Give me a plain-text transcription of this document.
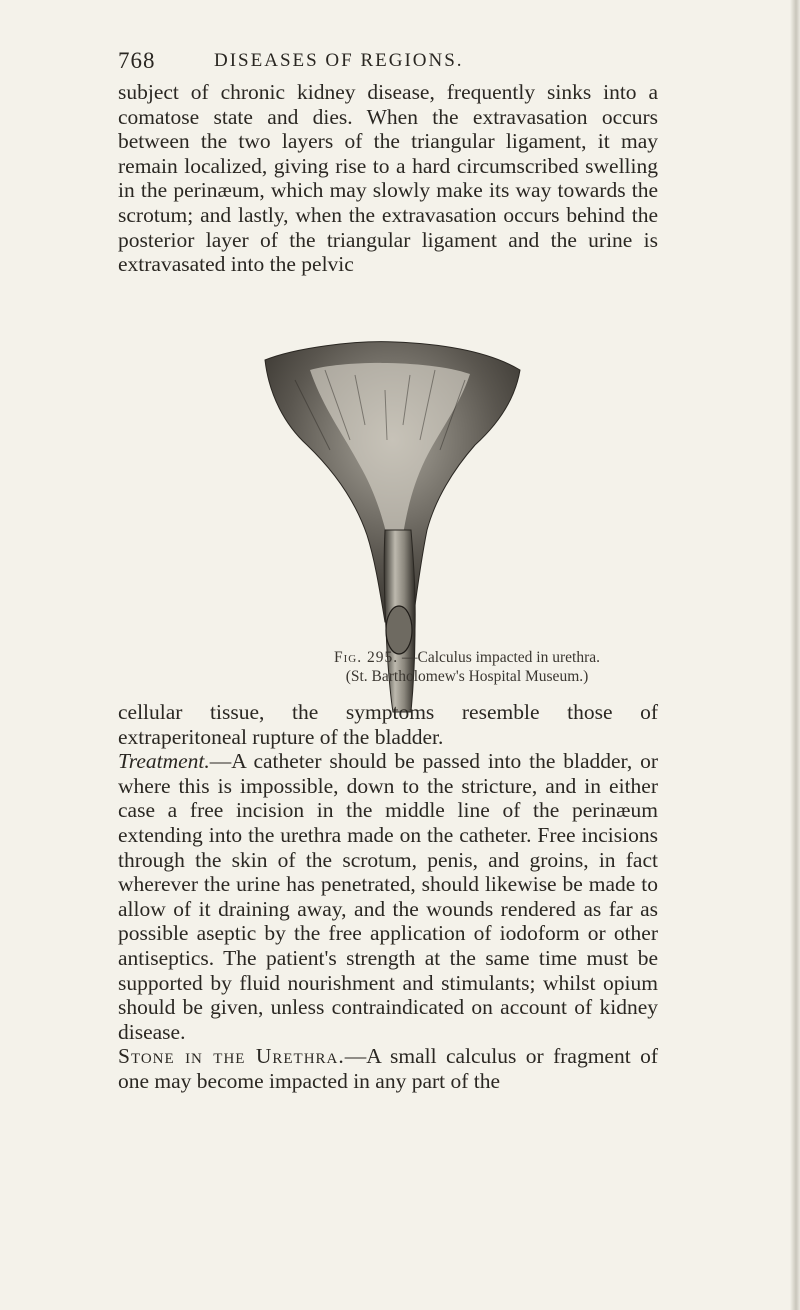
768	DISEASES OF REGIONS.

subject of chronic kidney disease, frequently sinks into a comatose state and dies. When the extravasation occurs between the two layers of the triangular ligament, it may remain localized, giving rise to a hard circumscribed swelling in the perinæum, which may slowly make its way towards the scrotum; and lastly, when the extravasation occurs behind the posterior layer of the triangular ligament and the urine is extravasated into the pelvic

Fig. 295. —Calculus impacted in urethra.
(St. Bartholomew's Hospital Museum.)

cellular tissue, the symptoms resemble those of extraperitoneal rupture of the bladder.

Treatment.—A catheter should be passed into the bladder, or where this is impossible, down to the stricture, and in either case a free incision in the middle line of the perinæum extending into the urethra made on the catheter. Free incisions through the skin of the scrotum, penis, and groins, in fact wherever the urine has penetrated, should likewise be made to allow of it draining away, and the wounds rendered as far as possible aseptic by the free application of iodoform or other antiseptics. The patient's strength at the same time must be supported by fluid nourishment and stimulants; whilst opium should be given, unless contraindicated on account of kidney disease.

Stone in the Urethra.—A small calculus or fragment of one may become impacted in any part of the
